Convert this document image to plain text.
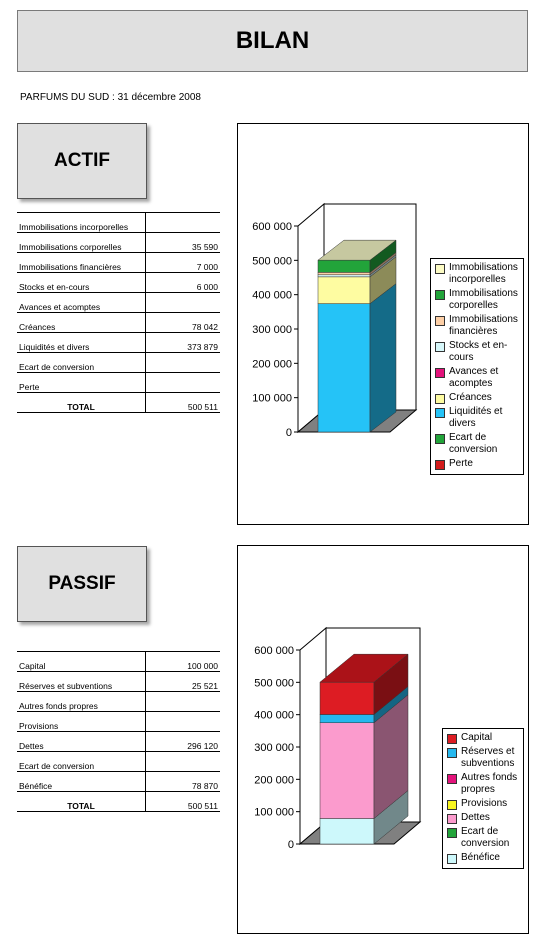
BILAN
PARFUMS DU SUD : 31 décembre 2008
ACTIF
Immobilisations incorporelles	
Immobilisations corporelles	35 590
Immobilisations financières	7 000
Stocks et en-cours	6 000
Avances et acomptes	
Créances	78 042
Liquidités et divers	373 879
Ecart de conversion	
Perte	
TOTAL	500 511
0
100 000
200 000
300 000
400 000
500 000
600 000
Immobilisations incorporelles
Immobilisations corporelles
Immobilisations financières
Stocks et en-cours
Avances et acomptes
Créances
Liquidités et divers
Ecart de conversion
Perte
PASSIF
Capital	100 000
Réserves et subventions	25 521
Autres fonds propres	
Provisions	
Dettes	296 120
Ecart de conversion	
Bénéfice	78 870
TOTAL	500 511
0
100 000
200 000
300 000
400 000
500 000
600 000
Capital
Réserves et subventions
Autres fonds propres
Provisions
Dettes
Ecart de conversion
Bénéfice
